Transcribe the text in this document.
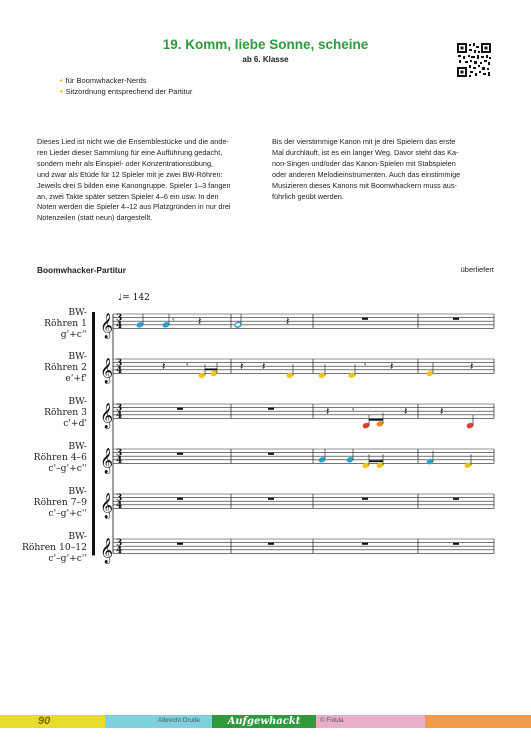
19. Komm, liebe Sonne, scheine
ab 6. Klasse
• für Boomwhacker-Nerds
• Sitzordnung entsprechend der Partitur
Dieses Lied ist nicht wie die Ensemblestücke und die ande-
ren Lieder dieser Sammlung für eine Aufführung gedacht,
sondern mehr als Einspiel- oder Konzentrationsübung,
und zwar als Etüde für 12 Spieler mit je zwei BW-Röhren:
Jeweils drei S bilden eine Kanongruppe. Spieler 1–3 fangen
an, zwei Takte später setzen Spieler 4–6 ein usw. In den
Noten werden die Spieler 4–12 aus Platzgründen in nur drei
Notenzeilen (statt neun) dargestellt.
Bis der vierstimmige Kanon mit je drei Spielern das erste
Mal durchläuft, ist es ein langer Weg. Davor steht das Ka-
non-Singen und/oder das Kanon-Spielen mit Stabspielen
oder anderen Melodieinstrumenten. Auch das einstimmige
Musizieren dieses Kanons mit Boomwhackern muss aus-
führlich geübt werden.
Boomwhacker-Partitur	überliefert
BW-
Röhren 1
g'+c''
BW-
Röhren 2
e'+f'
BW-
Röhren 3
c'+d'
BW-
Röhren 4–6
c'–g'+c''
BW-
Röhren 7–9
c'–g'+c''
BW-
Röhren 10–12
c'–g'+c''
♩= 142
𝄞 3
4
𝄞 3
4
𝄞 3
4
𝄞 3
4
𝄞 3
4
𝄞 3
4
𝄾 𝄽	𝄽
𝄽 𝄾	𝄽 𝄽	𝄾 𝄽	𝄽
𝄽	𝄾	𝄽	𝄽
90	Albrecht Drude	Aufgewhackt	© Fidula
